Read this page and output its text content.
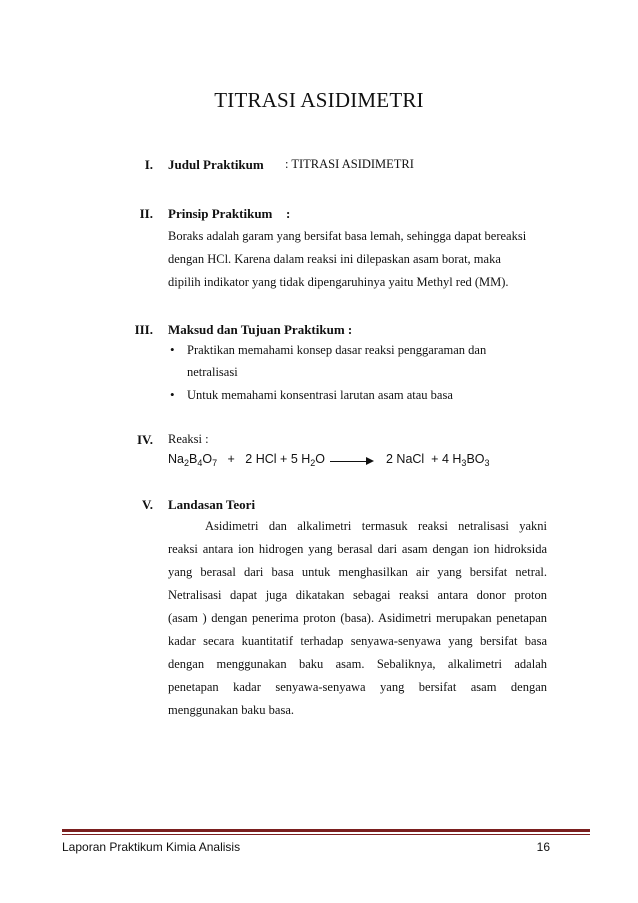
TITRASI ASIDIMETRI
I. Judul Praktikum : TITRASI ASIDIMETRI
II. Prinsip Praktikum :
Boraks adalah garam yang bersifat basa lemah, sehingga dapat bereaksi
dengan HCl. Karena dalam reaksi ini dilepaskan asam borat, maka
dipilih indikator yang tidak dipengaruhinya yaitu Methyl red (MM).
III. Maksud dan Tujuan Praktikum :
• Praktikan memahami konsep dasar reaksi penggaraman dan
netralisasi
• Untuk memahami konsentrasi larutan asam atau basa
IV. Reaksi :
$Na_2B_4O_7 + 2$ HCl + 5 $H_2O$	2 NaCl + 4 $H_3BO_3$
V. Landasan Teori
Asidimetri dan alkalimetri termasuk reaksi netralisasi yakni
reaksi antara ion hidrogen yang berasal dari asam dengan ion hidroksida
yang berasal dari basa untuk menghasilkan air yang bersifat netral.
Netralisasi dapat juga dikatakan sebagai reaksi antara donor proton
(asam ) dengan penerima proton (basa). Asidimetri merupakan penetapan
kadar secara kuantitatif terhadap senyawa-senyawa yang bersifat basa
dengan menggunakan baku asam. Sebaliknya, alkalimetri adalah
penetapan kadar senyawa-senyawa yang bersifat asam dengan
menggunakan baku basa.
Laporan Praktikum Kimia Analisis	16
